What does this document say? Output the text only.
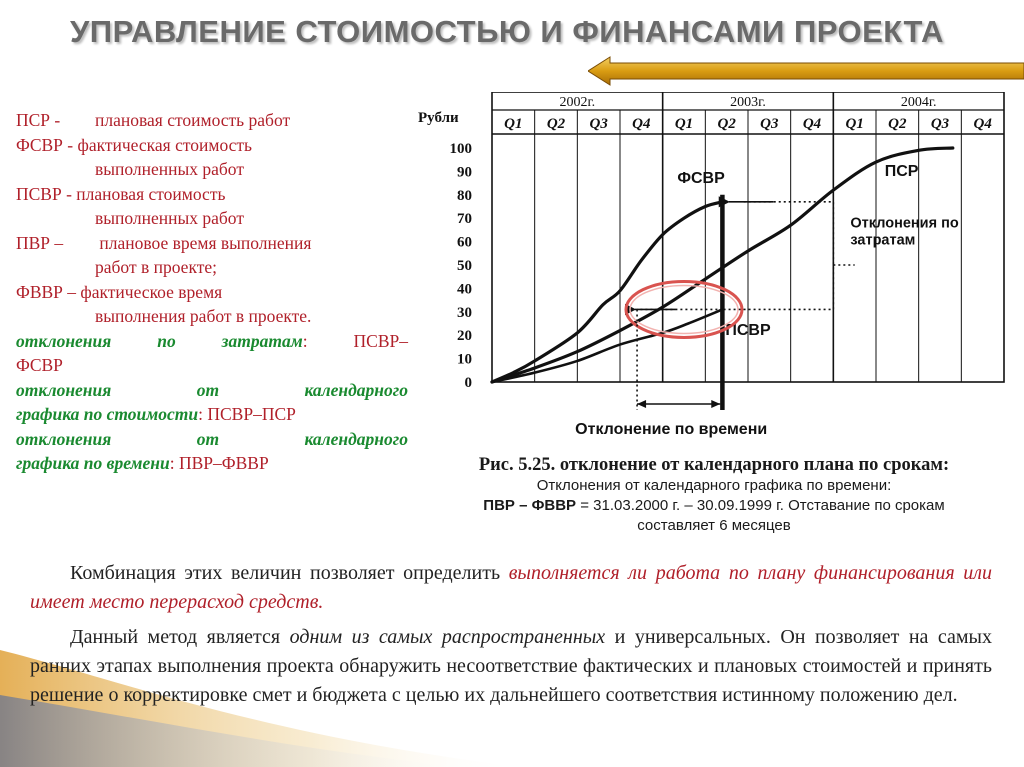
УПРАВЛЕНИЕ СТОИМОСТЬЮ И ФИНАНСАМИ ПРОЕКТА

ПСР - плановая стоимость работ

ФСВР - фактическая стоимость

выполненных работ

ПСВР - плановая стоимость

выполненных работ

ПВР – плановое время выполнения

работ в проекте;

ФВВР – фактическое время

выполнения работ в проекте.

отклонения по затратам: ПСВР–

ФСВР

отклонения от календарного

графика по стоимости: ПСВР–ПСР

отклонения от календарного

графика по времени: ПВР–ФВВР

2002г.	2003г.	2004г.
Q1 Q2 Q3 Q4 Q1 Q2 Q3 Q4 Q1 Q2 Q3 Q4
Рубли
0
10
20
30
40
50
60
70
80
90
100
ПСР
ФСВР
ПСВР
Отклонения по затратам
Отклонение по времени
Рис. 5.25. отклонение от календарного плана по срокам:
Отклонения от календарного графика по времени:
ПВР – ФВВР = 31.03.2000 г. – 30.09.1999 г. Отставание по срокам
составляет 6 месяцев

Комбинация этих величин позволяет определить выполняется ли работа по плану финансирования или имеет место перерасход средств.

Данный метод является одним из самых распространенных и универсальных. Он позволяет на самых ранних этапах выполнения проекта обнаружить несоответствие фактических и плановых стоимостей и принять решение о корректировке смет и бюджета с целью их дальнейшего соответствия истинному положению дел.
